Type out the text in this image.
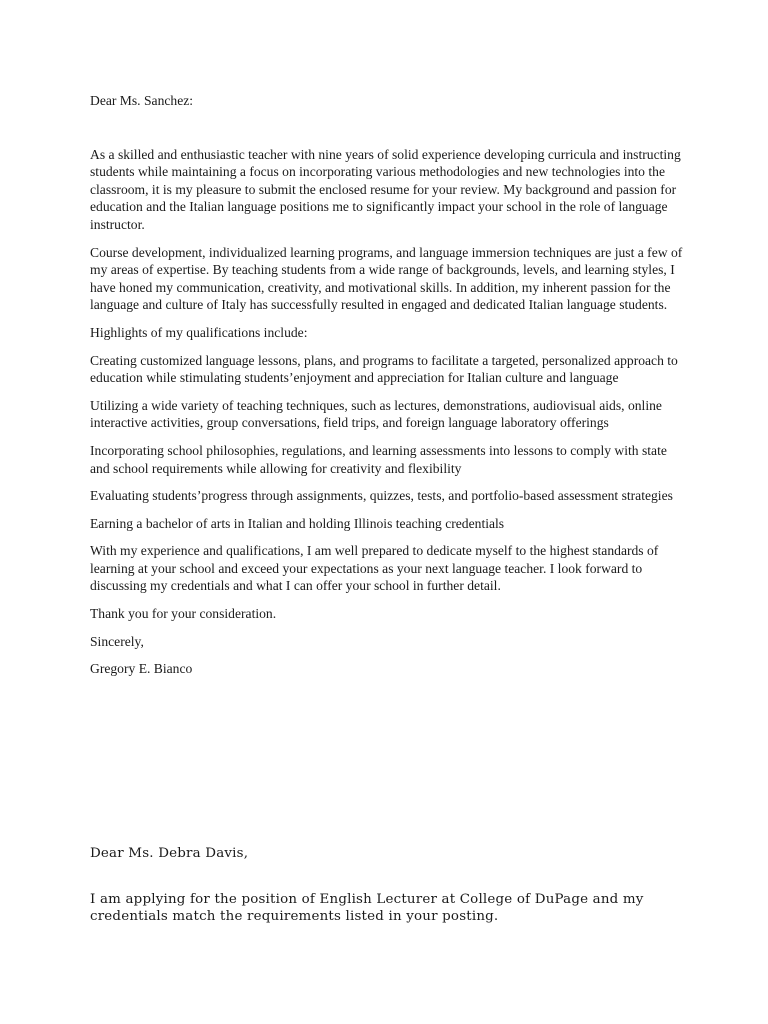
Dear Ms. Sanchez:

As a skilled and enthusiastic teacher with nine years of solid experience developing curricula and instructing students while maintaining a focus on incorporating various methodologies and new technologies into the classroom, it is my pleasure to submit the enclosed resume for your review. My background and passion for education and the Italian language positions me to significantly impact your school in the role of language instructor.

Course development, individualized learning programs, and language immersion techniques are just a few of my areas of expertise. By teaching students from a wide range of backgrounds, levels, and learning styles, I have honed my communication, creativity, and motivational skills. In addition, my inherent passion for the language and culture of Italy has successfully resulted in engaged and dedicated Italian language students.

Highlights of my qualifications include:

Creating customized language lessons, plans, and programs to facilitate a targeted, personalized approach to education while stimulating students’enjoyment and appreciation for Italian culture and language

Utilizing a wide variety of teaching techniques, such as lectures, demonstrations, audiovisual aids, online interactive activities, group conversations, field trips, and foreign language laboratory offerings

Incorporating school philosophies, regulations, and learning assessments into lessons to comply with state and school requirements while allowing for creativity and flexibility

Evaluating students’progress through assignments, quizzes, tests, and portfolio-based assessment strategies

Earning a bachelor of arts in Italian and holding Illinois teaching credentials

With my experience and qualifications, I am well prepared to dedicate myself to the highest standards of learning at your school and exceed your expectations as your next language teacher. I look forward to discussing my credentials and what I can offer your school in further detail.

Thank you for your consideration.

Sincerely,

Gregory E. Bianco

Dear Ms. Debra Davis,

I am applying for the position of English Lecturer at College of DuPage and my credentials match the requirements listed in your posting.
